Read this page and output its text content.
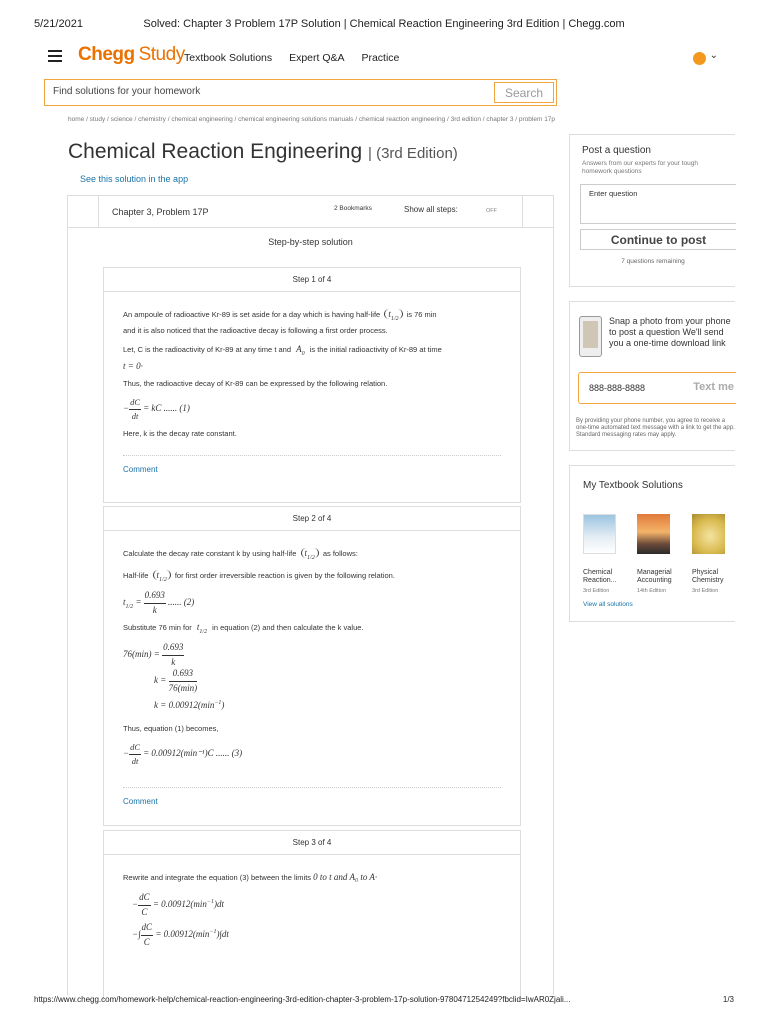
5/21/2021	Solved: Chapter 3 Problem 17P Solution | Chemical Reaction Engineering 3rd Edition | Chegg.com
Chegg Study Textbook Solutions Expert Q&A Practice	⌄
Find solutions for your homework
Search
home / study / science / chemistry / chemical engineering / chemical engineering solutions manuals / chemical reaction engineering / 3rd edition / chapter 3 / problem 17p
Chemical Reaction Engineering | (3rd Edition)
See this solution in the app
Chapter 3, Problem 17P	2 Bookmarks	Show all steps:	OFF
Step-by-step solution
Step 1 of 4
An ampoule of radioactive Kr-89 is set aside for a day which is having half-life $t_{1/2}$ is 76 min
and it is also noticed that the radioactive decay is following a first order process.
Let, C is the radioactivity of Kr-89 at any time t and $A_0$ is the initial radioactivity of Kr-89 at time
t = 0·
Thus, the radioactive decay of Kr-89 can be expressed by the following relation.
− $\frac{dC}{dt}$ = kC ...... (1)
Here, k is the decay rate constant.
Comment
Step 2 of 4
Calculate the decay rate constant k by using half-life $t_{1/2}$ as follows:
Half-life $t_{1/2}$ for first order irreversible reaction is given by the following relation.
$t_{1/2} = \frac{0.693}{k}$ ...... (2)
Substitute 76 min for $t_{1/2}$ in equation (2) and then calculate the k value.
$76(\min) = \frac{0.693}{k}$
$k = \frac{0.693}{76(\min)}$
$k = 0.00912(\min^{-1})$
Thus, equation (1) becomes,
− $\frac{dC}{dt} = 0.00912(\min^{-1})C$ ...... (3)
Comment
Step 3 of 4
Rewrite and integrate the equation (3) between the limits 0 to t and A₀ to A·
− $\frac{dC}{C} = 0.00912(\min^{-1})dt$
−∫ $\frac{dC}{C} = 0.00912(\min^{-1})\int dt$
Post a question
Answers from our experts for your tough homework questions
Enter question
Continue to post
7 questions remaining
Snap a photo from your phone to post a question We'll send you a one-time download link
888-888-8888	Text me
By providing your phone number, you agree to receive a one-time automated text message with a link to get the app. Standard messaging rates may apply.
My Textbook Solutions
Chemical Reaction...
3rd Edition
Managerial Accounting
14th Edition
Physical Chemistry
3rd Edition
View all solutions
https://www.chegg.com/homework-help/chemical-reaction-engineering-3rd-edition-chapter-3-problem-17p-solution-9780471254249?fbclid=IwAR0Zjali...	1/3
